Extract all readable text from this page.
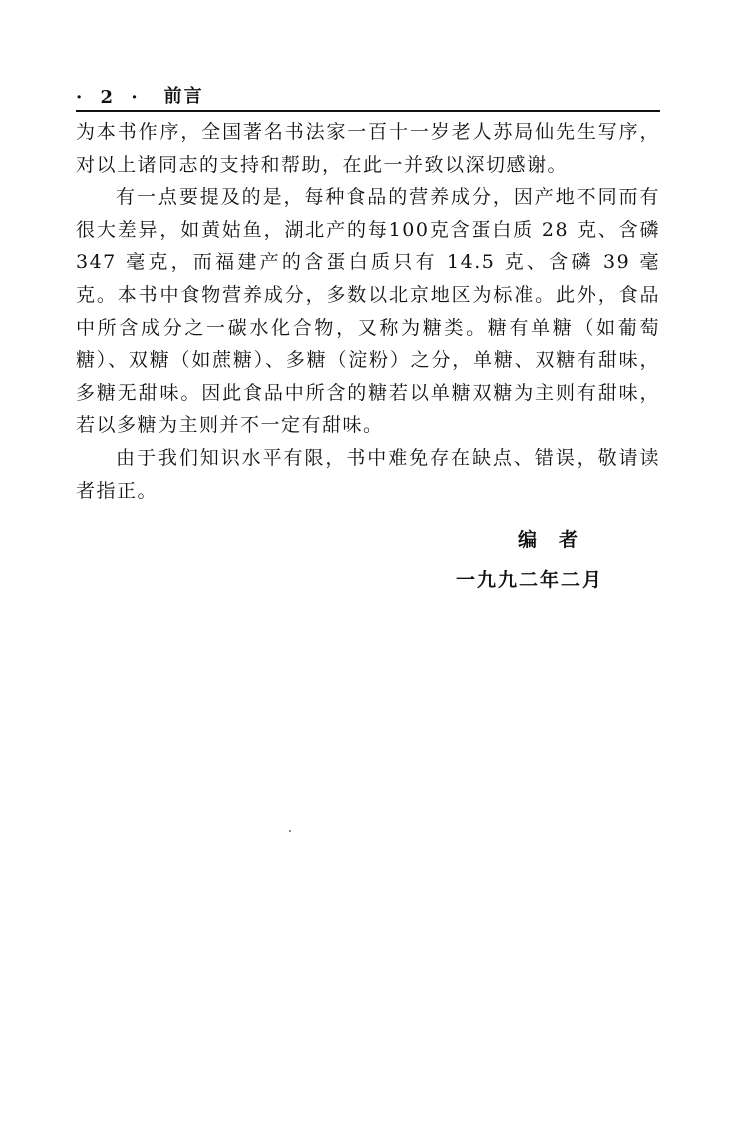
· 2 · 前言

为本书作序，全国著名书法家一百十一岁老人苏局仙先生写序，对以上诸同志的支持和帮助，在此一并致以深切感谢。

有一点要提及的是，每种食品的营养成分，因产地不同而有很大差异，如黄姑鱼，湖北产的每100克含蛋白质 28 克、含磷347 毫克，而福建产的含蛋白质只有 14.5 克、含磷 39 毫克。本书中食物营养成分，多数以北京地区为标准。此外，食品中所含成分之一碳水化合物，又称为糖类。糖有单糖（如葡萄糖）、双糖（如蔗糖）、多糖（淀粉）之分，单糖、双糖有甜味，多糖无甜味。因此食品中所含的糖若以单糖双糖为主则有甜味，若以多糖为主则并不一定有甜味。

由于我们知识水平有限，书中难免存在缺点、错误，敬请读者指正。

编者
一九九二年二月
